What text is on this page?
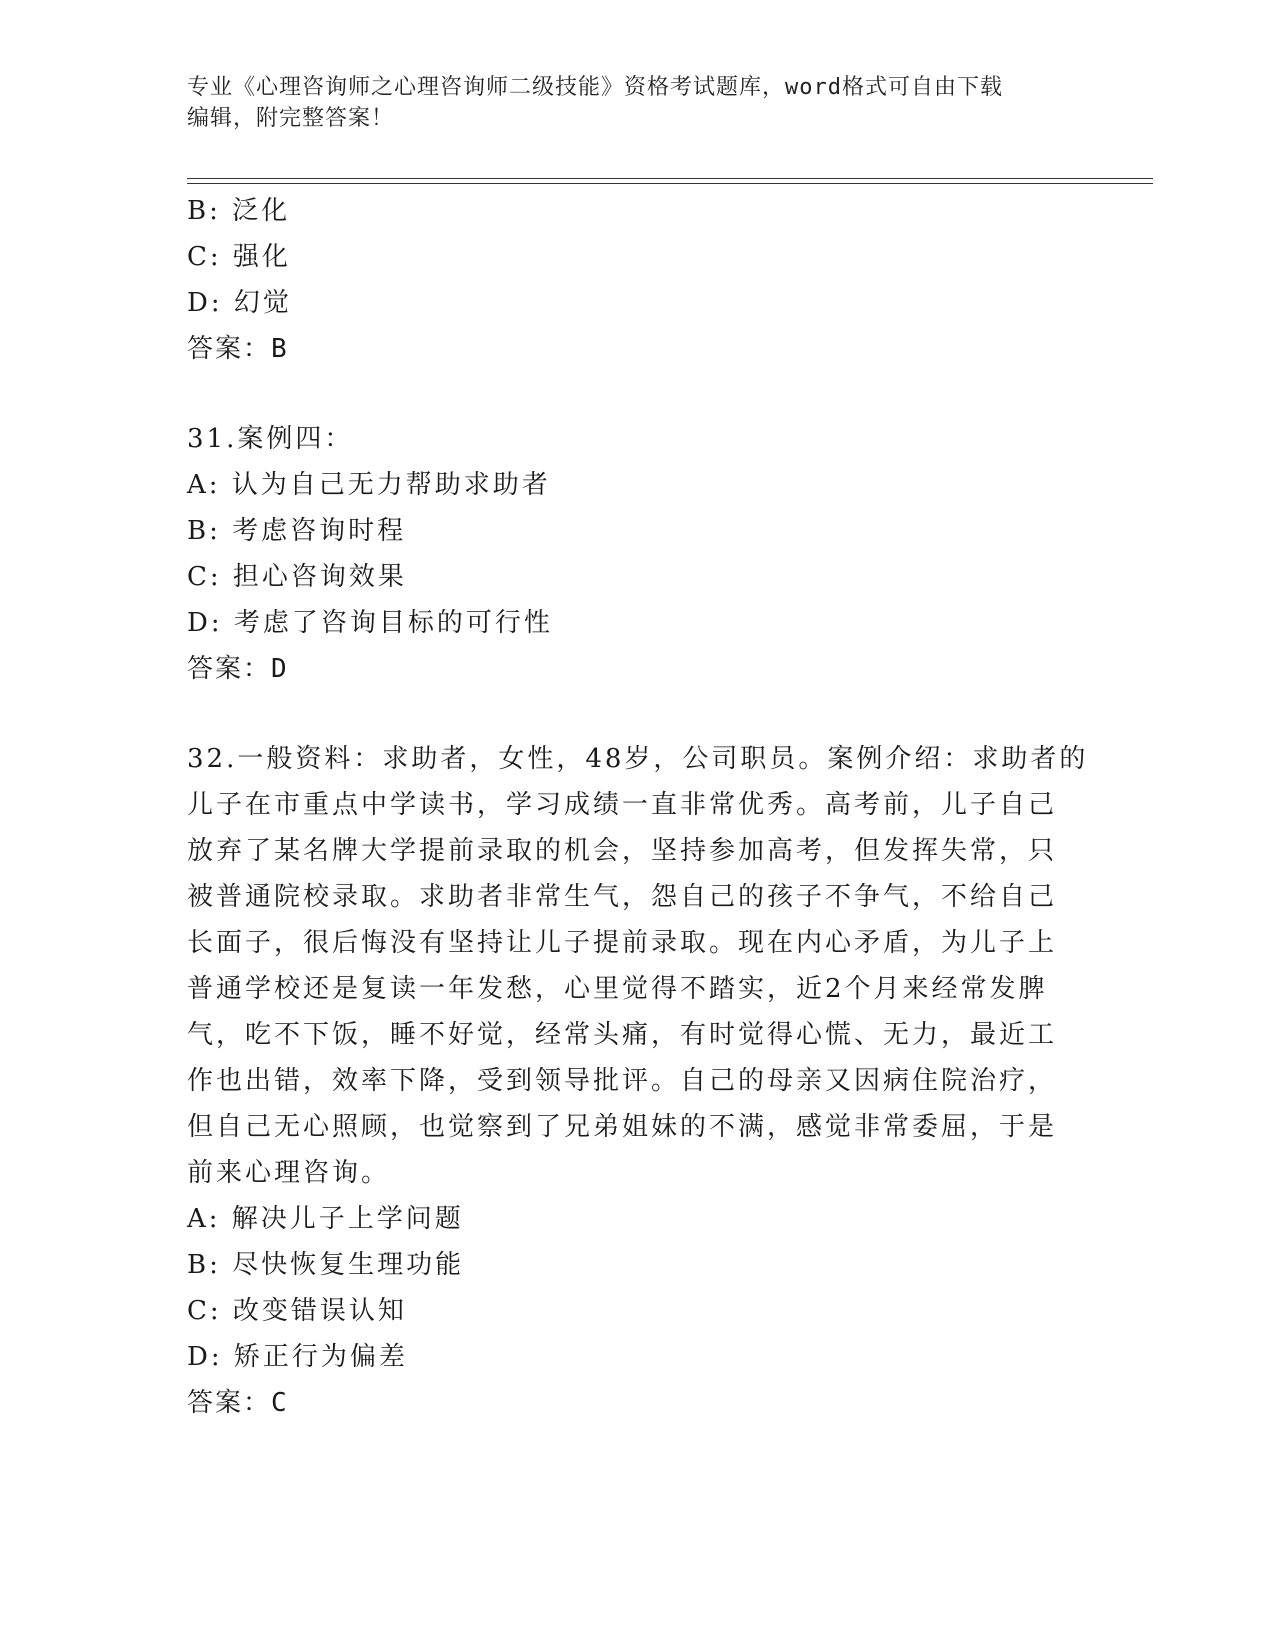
专业《心理咨询师之心理咨询师二级技能》资格考试题库，word格式可自由下载
编辑，附完整答案！
B: 泛化
C: 强化
D: 幻觉
答案：B
31.案例四：
A: 认为自己无力帮助求助者
B: 考虑咨询时程
C: 担心咨询效果
D: 考虑了咨询目标的可行性
答案：D
32.一般资料：求助者，女性，48岁，公司职员。案例介绍：求助者的
儿子在市重点中学读书，学习成绩一直非常优秀。高考前，儿子自己
放弃了某名牌大学提前录取的机会，坚持参加高考，但发挥失常，只
被普通院校录取。求助者非常生气，怨自己的孩子不争气，不给自己
长面子，很后悔没有坚持让儿子提前录取。现在内心矛盾，为儿子上
普通学校还是复读一年发愁，心里觉得不踏实，近2个月来经常发脾
气，吃不下饭，睡不好觉，经常头痛，有时觉得心慌、无力，最近工
作也出错，效率下降，受到领导批评。自己的母亲又因病住院治疗，
但自己无心照顾，也觉察到了兄弟姐妹的不满，感觉非常委屈，于是
前来心理咨询。
A: 解决儿子上学问题
B: 尽快恢复生理功能
C: 改变错误认知
D: 矫正行为偏差
答案：C
